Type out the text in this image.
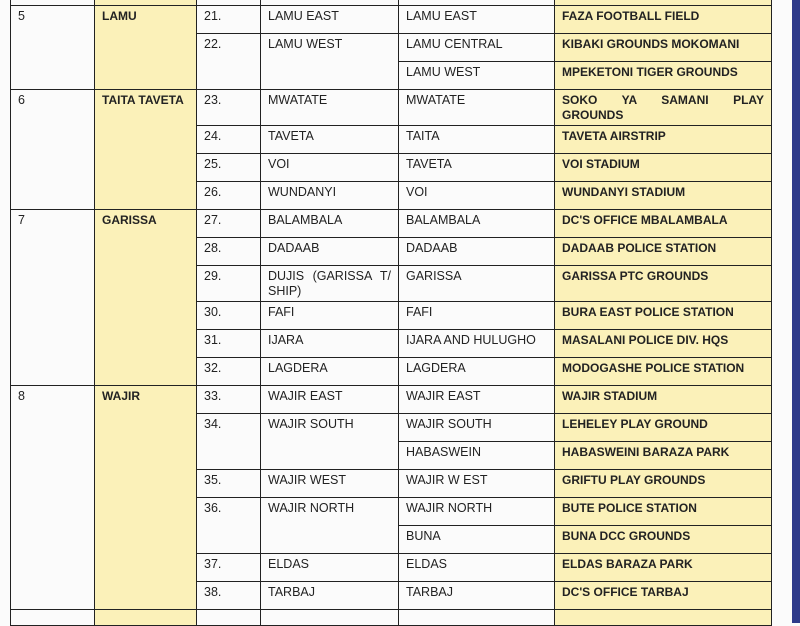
5	LAMU	21.	LAMU EAST	LAMU EAST	FAZA FOOTBALL FIELD
		22.	LAMU WEST	LAMU CENTRAL	KIBAKI GROUNDS MOKOMANI
				LAMU WEST	MPEKETONI TIGER GROUNDS
6	TAITA TAVETA	23.	MWATATE	MWATATE	SOKO YA SAMANI PLAY GROUNDS
		24.	TAVETA	TAITA	TAVETA AIRSTRIP
		25.	VOI	TAVETA	VOI STADIUM
		26.	WUNDANYI	VOI	WUNDANYI STADIUM
7	GARISSA	27.	BALAMBALA	BALAMBALA	DC'S OFFICE MBALAMBALA
		28.	DADAAB	DADAAB	DADAAB POLICE STATION
		29.	DUJIS (GARISSA T/ SHIP)	GARISSA	GARISSA PTC GROUNDS
		30.	FAFI	FAFI	BURA EAST POLICE STATION
		31.	IJARA	IJARA AND HULUGHO	MASALANI POLICE DIV. HQS
		32.	LAGDERA	LAGDERA	MODOGASHE POLICE STATION
8	WAJIR	33.	WAJIR EAST	WAJIR EAST	WAJIR STADIUM
		34.	WAJIR SOUTH	WAJIR SOUTH	LEHELEY PLAY GROUND
				HABASWEIN	HABASWEINI BARAZA PARK
		35.	WAJIR WEST	WAJIR W EST	GRIFTU PLAY GROUNDS
		36.	WAJIR NORTH	WAJIR NORTH	BUTE POLICE STATION
				BUNA	BUNA DCC GROUNDS
		37.	ELDAS	ELDAS	ELDAS BARAZA PARK
		38.	TARBAJ	TARBAJ	DC'S OFFICE TARBAJ
